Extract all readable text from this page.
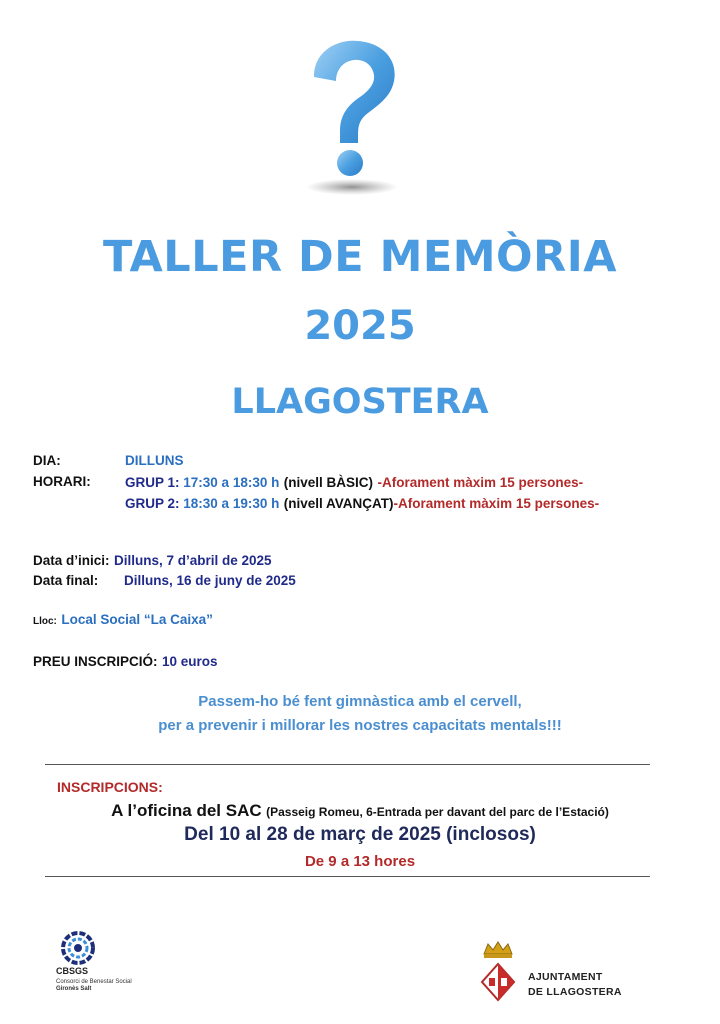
TALLER DE MEMÒRIA
2025
LLAGOSTERA
DIA:	DILLUNS
HORARI:	GRUP 1: 17:30 a 18:30 h (nivell BÀSIC) -Aforament màxim 15 persones-
GRUP 2: 18:30 a 19:30 h (nivell AVANÇAT)-Aforament màxim 15 persones-
Data d’inici: Dilluns, 7 d’abril de 2025
Data final: Dilluns, 16 de juny de 2025
Lloc: Local Social “La Caixa”
PREU INSCRIPCIÓ: 10 euros
Passem-ho bé fent gimnàstica amb el cervell,
per a prevenir i millorar les nostres capacitats mentals!!!
INSCRIPCIONS:
A l’oficina del SAC (Passeig Romeu, 6-Entrada per davant del parc de l’Estació)
Del 10 al 28 de març de 2025 (inclosos)
De 9 a 13 hores
CBSGS
Consorci de Benestar Social
Gironès Salt
AJUNTAMENT
DE LLAGOSTERA
